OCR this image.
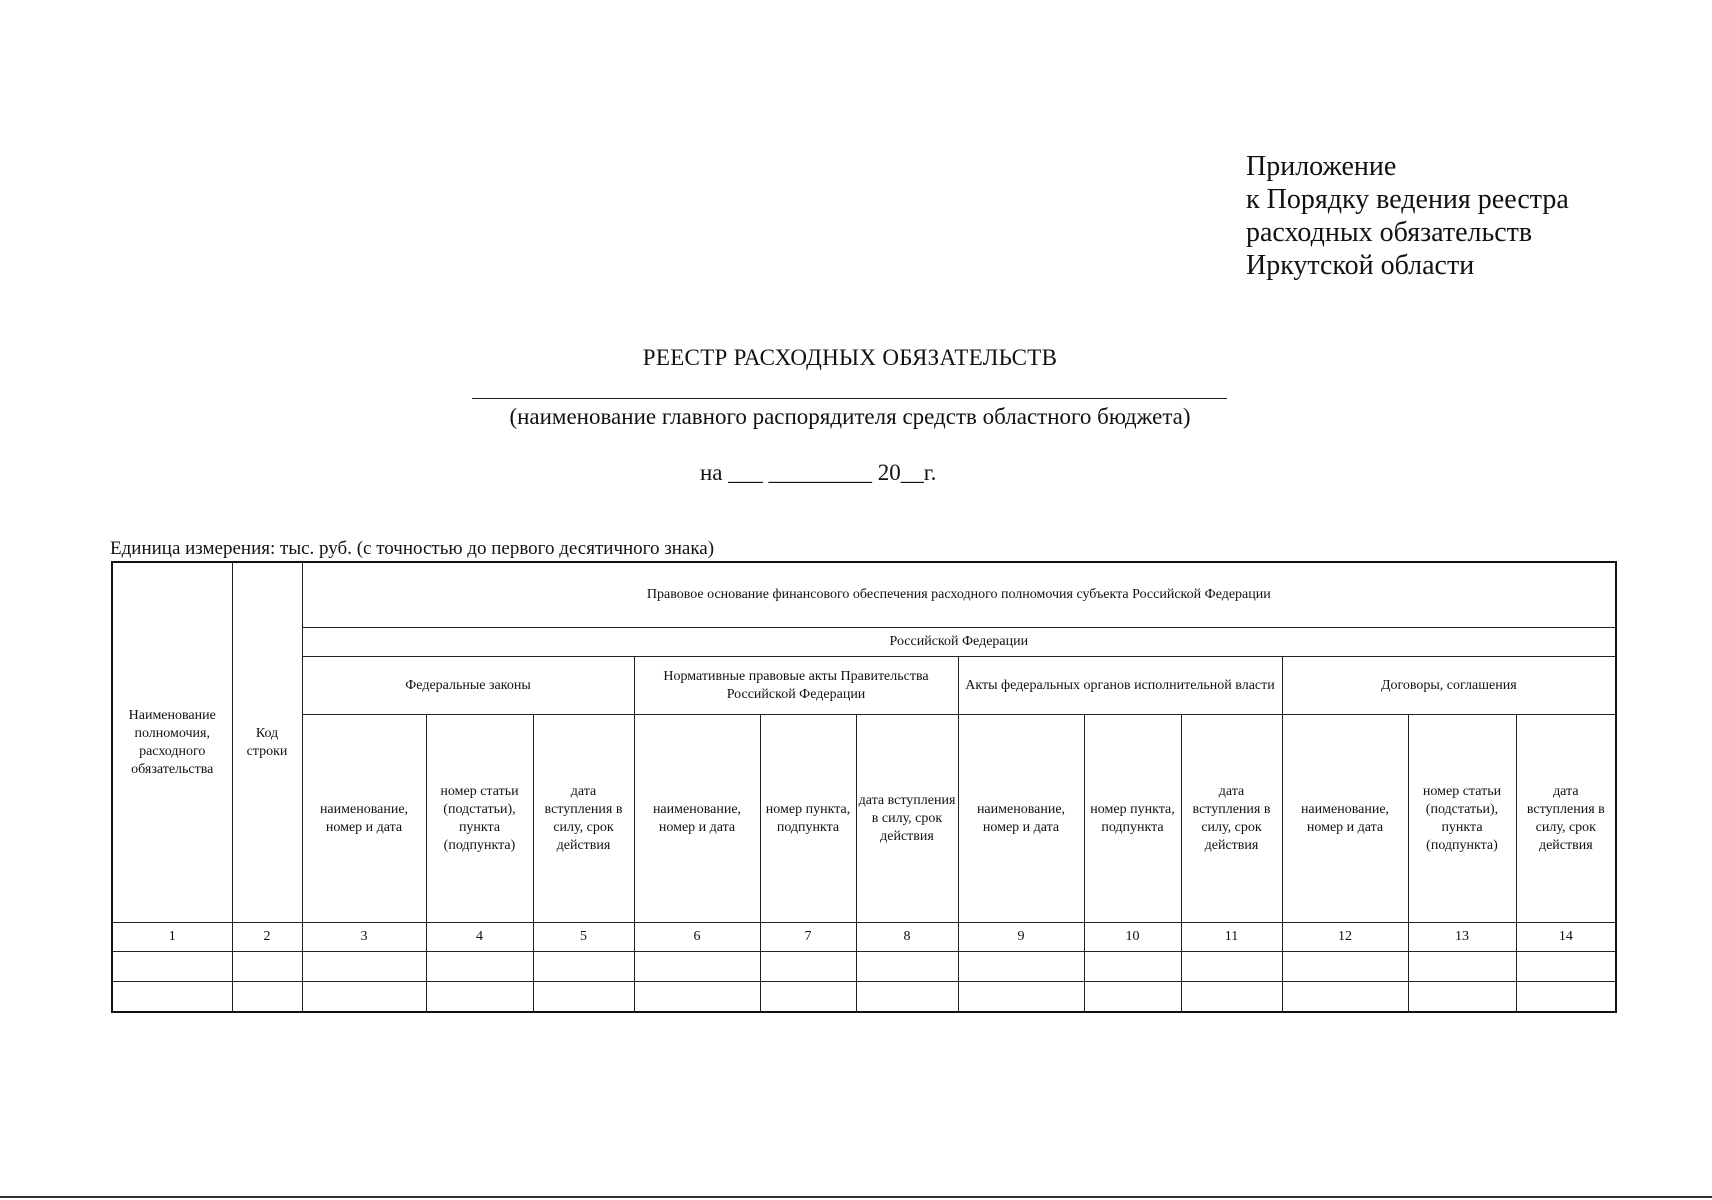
Приложение
к Порядку ведения реестра
расходных обязательств
Иркутской области
РЕЕСТР РАСХОДНЫХ ОБЯЗАТЕЛЬСТВ
(наименование главного распорядителя средств областного бюджета)
на ___ _________ 20__г.
Единица измерения: тыс. руб. (с точностью до первого десятичного знака)
Наименование полномочия, расходного обязательства	Код строки	Правовое основание финансового обеспечения расходного полномочия субъекта Российской Федерации											
		Российской Федерации											
		Федеральные законы			Нормативные правовые акты Правительства Российской Федерации			Акты федеральных органов исполнительной власти			Договоры, соглашения		
		наименование, номер и дата	номер статьи (подстатьи), пункта (подпункта)	дата вступления в силу, срок действия	наименование, номер и дата	номер пункта, подпункта	дата вступления в силу, срок действия	наименование, номер и дата	номер пункта, подпункта	дата вступления в силу, срок действия	наименование, номер и дата	номер статьи (подстатьи), пункта (подпункта)	дата вступления в силу, срок действия
1	2	3	4	5	6	7	8	9	10	11	12	13	14
